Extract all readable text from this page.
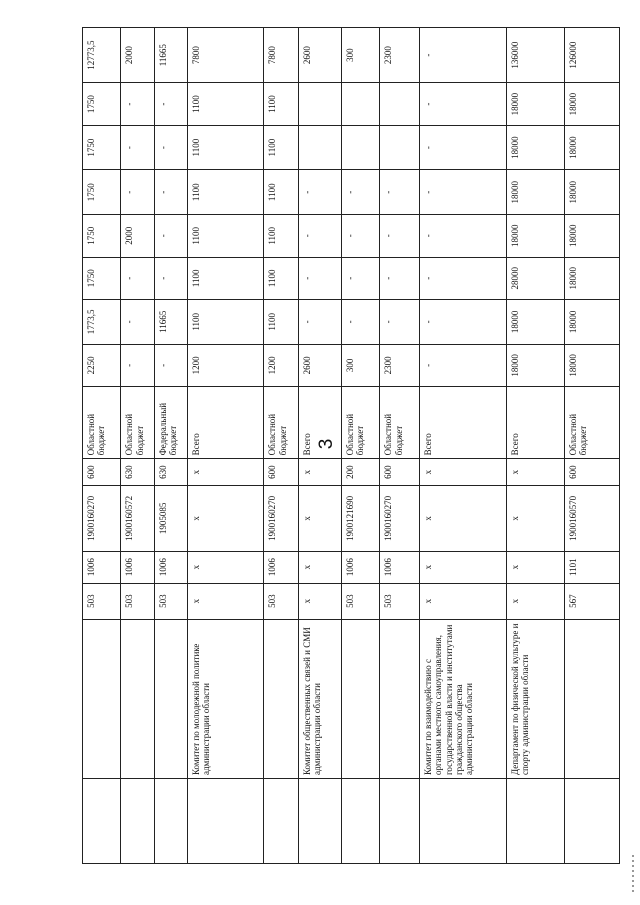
3
		503	1006	1900160270	600	Областной бюджет	2250	1773,5	1750	1750	1750	1750	1750	12773,5
		503	1006	1900160572	630	Областной бюджет	-	-	-	2000	-	-	-	2000
		503	1006	1905085	630	Федеральный бюджет	-	11665	-	-	-	-	-	11665
	Комитет по молодежной политике администрации области	х	х	х	х	Всего	1200	1100	1100	1100	1100	1100	1100	7800
		503	1006	1900160270	600	Областной бюджет	1200	1100	1100	1100	1100	1100	1100	7800
	Комитет общественных связей и СМИ администрации области	х	х	х	х	Всего	2600	-	-	-	-			2600
		503	1006	1900121690	200	Областной бюджет	300	-	-	-	-			300
		503	1006	1900160270	600	Областной бюджет	2300	-	-	-	-			2300
	Комитет по взаимодействию с органами местного самоуправления, государственной власти и институтами гражданского общества администрации области	х	х	х	х	Всего	-	-	-	-	-	-	-	-
	Департамент по физической культуре и спорту администрации области	х	х	х	х	Всего	18000	18000	28000	18000	18000	18000	18000	136000
		567	1101	1900160570	600	Областной бюджет	18000	18000	18000	18000	18000	18000	18000	126000
